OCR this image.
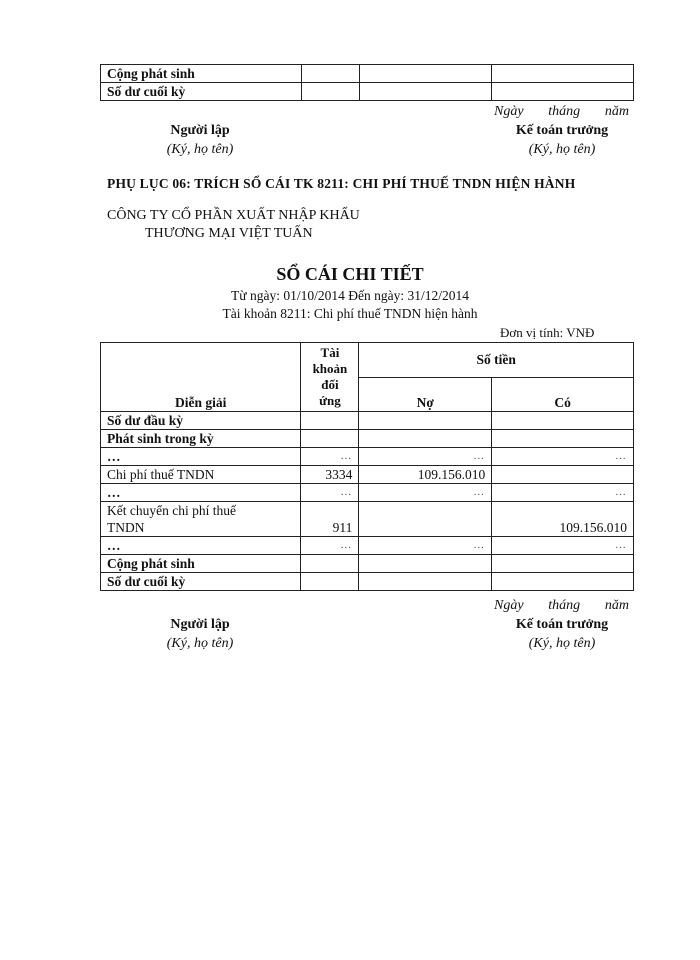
Cộng phát sinh			
Số dư cuối kỳ			
Ngày tháng năm
Người lập
(Ký, họ tên)
Kế toán trưởng
(Ký, họ tên)
PHỤ LỤC 06: TRÍCH SỔ CÁI TK 8211: CHI PHÍ THUẾ TNDN HIỆN HÀNH
CÔNG TY CỔ PHẦN XUẤT NHẬP KHẨU
THƯƠNG MẠI VIỆT TUẤN
SỔ CÁI CHI TIẾT
Từ ngày: 01/10/2014 Đến ngày: 31/12/2014
Tài khoản 8211: Chi phí thuế TNDN hiện hành
Đơn vị tính: VNĐ
Diễn giải	Tài
khoản
đối
ứng	Số tiền	
		Nợ	Có
Số dư đầu kỳ			
Phát sinh trong kỳ			
…	…	…	…
Chi phí thuế TNDN	3334	109.156.010	
…	…	…	…

Kết chuyển chi phí thuế
TNDN	911		109.156.010
…	…	…	…
Cộng phát sinh			
Số dư cuối kỳ			
Ngày tháng năm
Người lập
(Ký, họ tên)
Kế toán trưởng
(Ký, họ tên)
